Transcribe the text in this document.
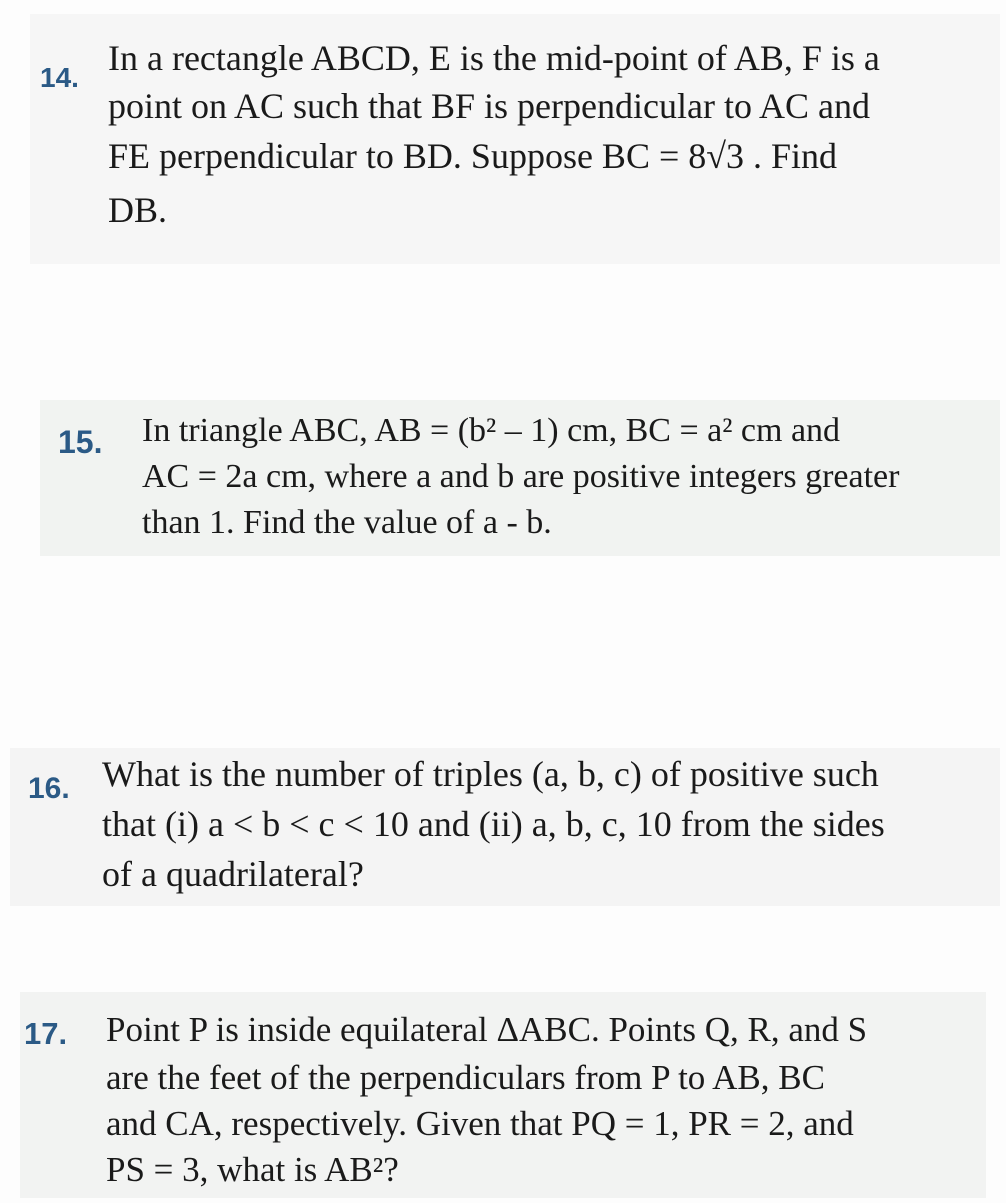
14. In a rectangle ABCD, E is the mid-point of AB, F is a
point on AC such that BF is perpendicular to AC and
FE perpendicular to BD. Suppose BC = 8√3 . Find
DB.
15. In triangle ABC, AB = (b² – 1) cm, BC = a² cm and
AC = 2a cm, where a and b are positive integers greater
than 1. Find the value of a - b.
16. What is the number of triples (a, b, c) of positive such
that (i) a < b < c < 10 and (ii) a, b, c, 10 from the sides
of a quadrilateral?
17. Point P is inside equilateral ΔABC. Points Q, R, and S
are the feet of the perpendiculars from P to AB, BC
and CA, respectively. Given that PQ = 1, PR = 2, and
PS = 3, what is AB²?
